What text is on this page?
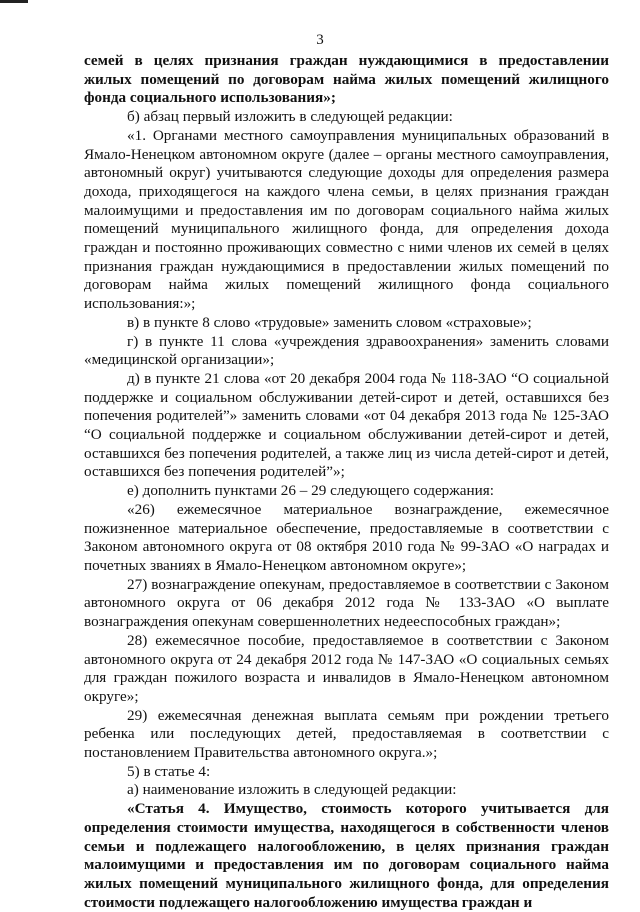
3

семей в целях признания граждан нуждающимися в предоставлении жилых помещений по договорам найма жилых помещений жилищного фонда социального использования»;

б) абзац первый изложить в следующей редакции:

«1. Органами местного самоуправления муниципальных образований в Ямало-Ненецком автономном округе (далее – органы местного самоуправления, автономный округ) учитываются следующие доходы для определения размера дохода, приходящегося на каждого члена семьи, в целях признания граждан малоимущими и предоставления им по договорам социального найма жилых помещений муниципального жилищного фонда, для определения дохода граждан и постоянно проживающих совместно с ними членов их семей в целях признания граждан нуждающимися в предоставлении жилых помещений по договорам найма жилых помещений жилищного фонда социального использования:»;

в) в пункте 8 слово «трудовые» заменить словом «страховые»;

г) в пункте 11 слова «учреждения здравоохранения» заменить словами «медицинской организации»;

д) в пункте 21 слова «от 20 декабря 2004 года № 118-ЗАО “О социальной поддержке и социальном обслуживании детей-сирот и детей, оставшихся без попечения родителей”» заменить словами «от 04 декабря 2013 года № 125-ЗАО “О социальной поддержке и социальном обслуживании детей-сирот и детей, оставшихся без попечения родителей, а также лиц из числа детей-сирот и детей, оставшихся без попечения родителей”»;

е) дополнить пунктами 26 – 29 следующего содержания:

«26) ежемесячное материальное вознаграждение, ежемесячное пожизненное материальное обеспечение, предоставляемые в соответствии с Законом автономного округа от 08 октября 2010 года № 99-ЗАО «О наградах и почетных званиях в Ямало-Ненецком автономном округе»;

27) вознаграждение опекунам, предоставляемое в соответствии с Законом автономного округа от 06 декабря 2012 года № 133-ЗАО «О выплате вознаграждения опекунам совершеннолетних недееспособных граждан»;

28) ежемесячное пособие, предоставляемое в соответствии с Законом автономного округа от 24 декабря 2012 года № 147-ЗАО «О социальных семьях для граждан пожилого возраста и инвалидов в Ямало-Ненецком автономном округе»;

29) ежемесячная денежная выплата семьям при рождении третьего ребенка или последующих детей, предоставляемая в соответствии с постановлением Правительства автономного округа.»;

5) в статье 4:

а) наименование изложить в следующей редакции:

«Статья 4. Имущество, стоимость которого учитывается для определения стоимости имущества, находящегося в собственности членов семьи и подлежащего налогообложению, в целях признания граждан малоимущими и предоставления им по договорам социального найма жилых помещений муниципального жилищного фонда, для определения стоимости подлежащего налогообложению имущества граждан и
